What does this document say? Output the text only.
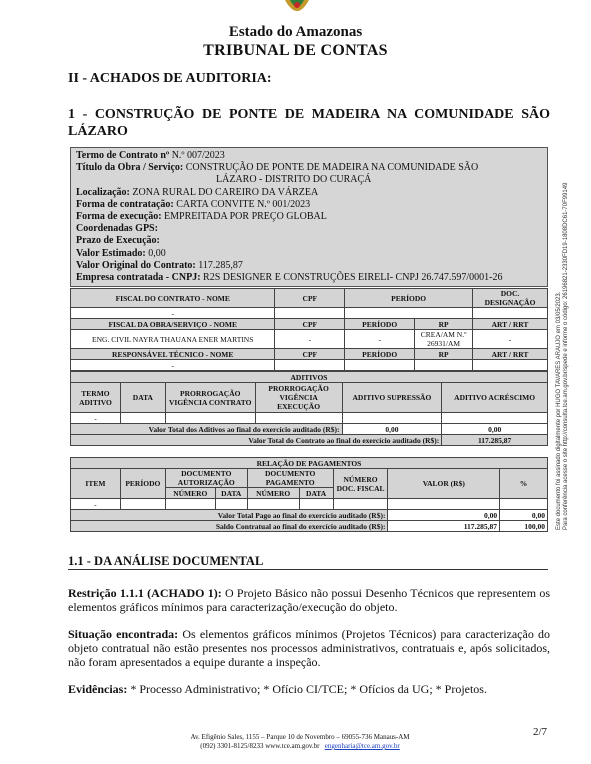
Estado do Amazonas
TRIBUNAL DE CONTAS
II - ACHADOS DE AUDITORIA:
1 - CONSTRUÇÃO DE PONTE DE MADEIRA NA COMUNIDADE SÃO LÁZARO
Termo de Contrato nº N.º 007/2023
Título da Obra / Serviço: CONSTRUÇÃO DE PONTE DE MADEIRA NA COMUNIDADE SÃO
LÁZARO - DISTRITO DO CURAÇÁ
Localização: ZONA RURAL DO CAREIRO DA VÁRZEA
Forma de contratação: CARTA CONVITE N.º 001/2023
Forma de execução: EMPREITADA POR PREÇO GLOBAL
Coordenadas GPS:
Prazo de Execução:
Valor Estimado: 0,00
Valor Original do Contrato: 117.285,87
Empresa contratada - CNPJ: R2S DESIGNER E CONSTRUÇÕES EIRELI- CNPJ 26.747.597/0001-26
FISCAL DO CONTRATO - NOME	CPF	PERÍODO		DOC. DESIGNAÇÃO
-				
FISCAL DA OBRA/SERVIÇO - NOME	CPF	PERÍODO	RP	ART / RRT
ENG. CIVIL NAYRA THAUANA ENER MARTINS	-	-	CREA/AM N.º 26931/AM	-
RESPONSÁVEL TÉCNICO - NOME	CPF	PERÍODO	RP	ART / RRT
-				
ADITIVOS					
TERMO ADITIVO	DATA	PRORROGAÇÃO VIGÊNCIA CONTRATO	PRORROGAÇÃO VIGÊNCIA EXECUÇÃO	ADITIVO SUPRESSÃO	ADITIVO ACRÉSCIMO
-					
Valor Total dos Aditivos ao final do exercício auditado (R$):				0,00	0,00
Valor Total do Contrato ao final do exercício auditado (R$):					117.285,87
RELAÇÃO DE PAGAMENTOS								
ITEM	PERÍODO	DOCUMENTO AUTORIZAÇÃO		DOCUMENTO PAGAMENTO		NÚMERO DOC. FISCAL	VALOR (R$)	%
		NÚMERO	DATA	NÚMERO	DATA			
-								
Valor Total Pago ao final do exercício auditado (R$):							0,00	0,00
Saldo Contratual ao final do exercício auditado (R$):							117.285,87	100,00 Este documento foi assinado digitalmente por HUGO TAVARES ARAUJO em 03/05/2023. Para conferência acesse o site http://consulta.tce.am.gov.br/spede e informe o código: 26196821-2330FD19-1808DC61-70F99149
1.1 - DA ANÁLISE DOCUMENTAL
Restrição 1.1.1 (ACHADO 1): O Projeto Básico não possui Desenho Técnicos que representem os elementos gráficos mínimos para caracterização/execução do objeto.
Situação encontrada: Os elementos gráficos mínimos (Projetos Técnicos) para caracterização do objeto contratual não estão presentes nos processos administrativos, contratuais e, após solicitados, não foram apresentados a equipe durante a inspeção.
Evidências: * Processo Administrativo; * Ofício CI/TCE; * Ofícios da UG; * Projetos.
Av. Efigênio Sales, 1155 – Parque 10 de Novembro – 69055-736 Manaus-AM
(092) 3301-8125/8233 www.tce.am.gov.br engenharia@tce.am.gov.br
2/7
